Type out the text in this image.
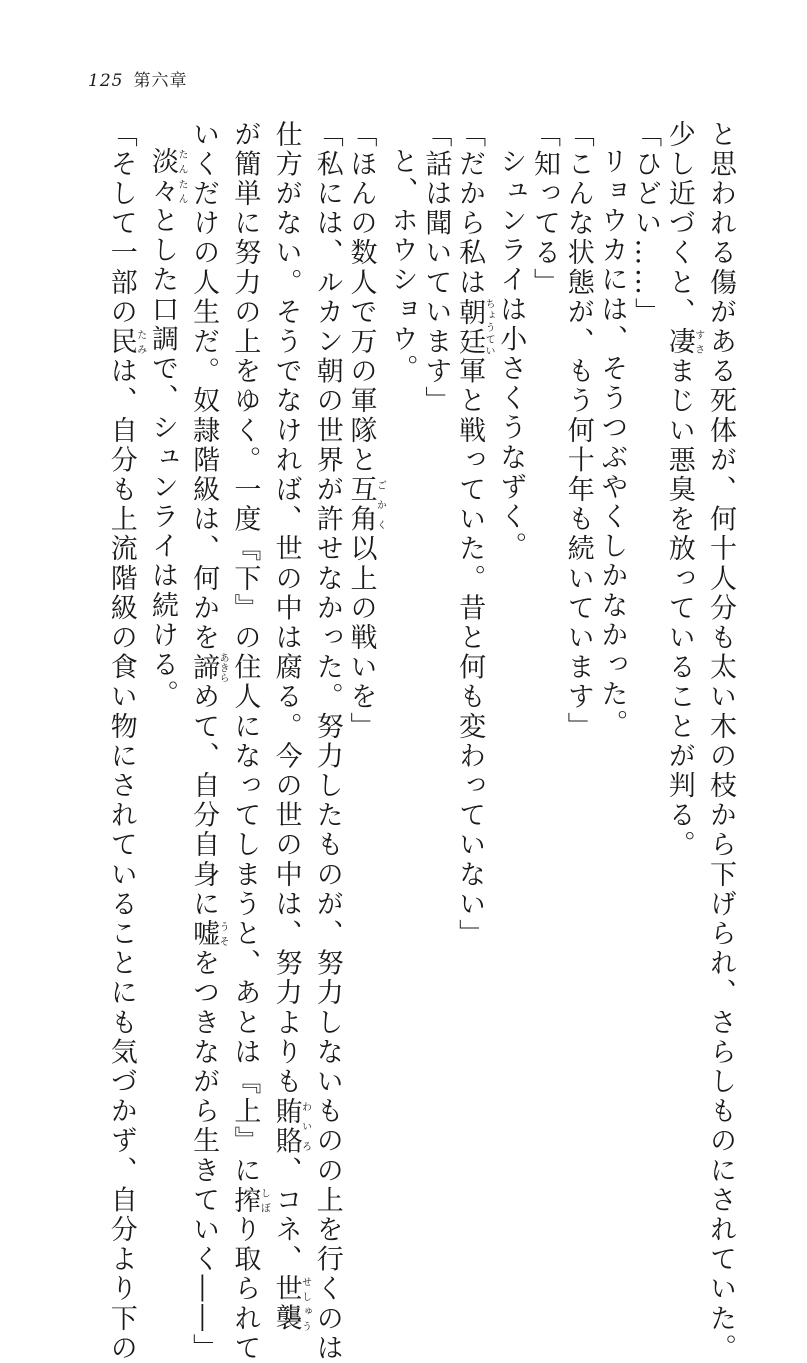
125 第六章
と思われる傷がある死体が、何十人分も太い木の枝から下げられ、さらしものにされていた。
少し近づくと、凄すさまじい悪臭を放っていることが判る。
「ひどい……」
リョウカには、そうつぶやくしかなかった。
「こんな状態が、もう何十年も続いています」
「知ってる」
シュンライは小さくうなずく。
「だから私は朝廷ちょうてい軍と戦っていた。昔と何も変わっていない」
「話は聞いています」
と、ホウショウ。
「ほんの数人で万の軍隊と互角ごかく以上の戦いを」
「私には、ルカン朝の世界が許せなかった。努力したものが、努力しないものの上を行くのは
仕方がない。そうでなければ、世の中は腐る。今の世の中は、努力よりも賄賂わいろ、コネ、世襲せしゅう
が簡単に努力の上をゆく。一度『下』の住人になってしまうと、あとは『上』に搾しぼり取られて
いくだけの人生だ。奴隷階級は、何かを諦あきらめて、自分自身に嘘うそをつきながら生きていく――」
淡々たんたんとした口調で、シュンライは続ける。
「そして一部の民たみは、自分も上流階級の食い物にされていることにも気づかず、自分より下の
